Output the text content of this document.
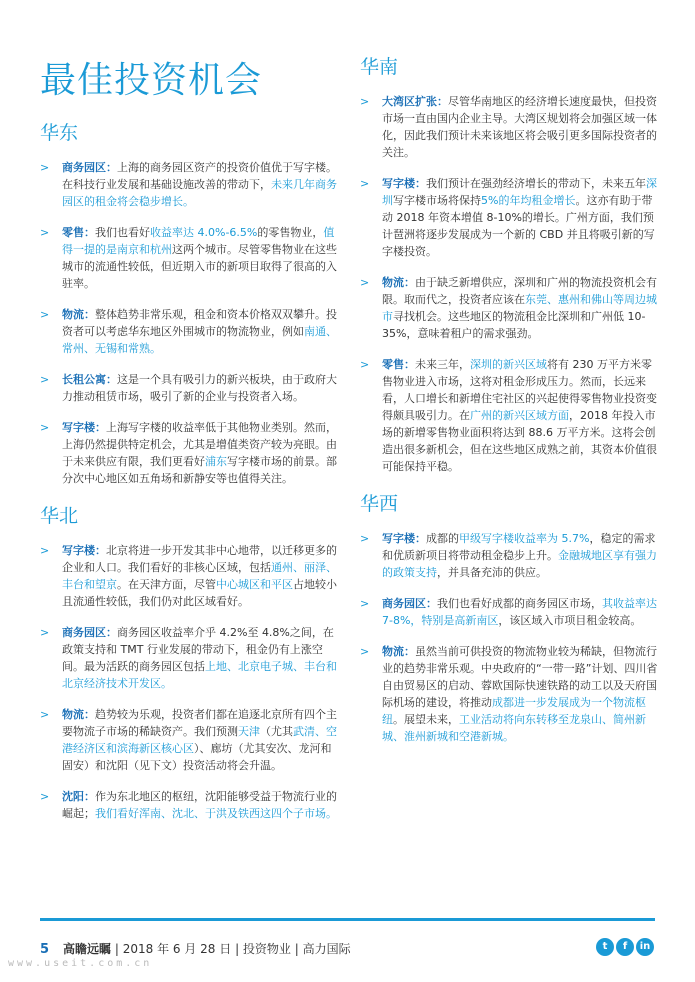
最佳投资机会
华东
> 商务园区：上海的商务园区资产的投资价值优于写字楼。在科技行业发展和基础设施改善的带动下，未来几年商务园区的租金将会稳步增长。
> 零售：我们也看好收益率达 4.0%-6.5%的零售物业，值得一提的是南京和杭州这两个城市。尽管零售物业在这些城市的流通性较低，但近期入市的新项目取得了很高的入驻率。
> 物流：整体趋势非常乐观，租金和资本价格双双攀升。投资者可以考虑华东地区外围城市的物流物业，例如南通、常州、无锡和常熟。
> 长租公寓：这是一个具有吸引力的新兴板块，由于政府大力推动租赁市场，吸引了新的企业与投资者入场。
> 写字楼：上海写字楼的收益率低于其他物业类别。然而，上海仍然提供特定机会，尤其是增值类资产较为亮眼。由于未来供应有限，我们更看好浦东写字楼市场的前景。部分次中心地区如五角场和新静安等也值得关注。
华北
> 写字楼：北京将进一步开发其非中心地带，以迁移更多的企业和人口。我们看好的非核心区域，包括通州、丽泽、丰台和望京。在天津方面，尽管中心城区和平区占地较小且流通性较低，我们仍对此区域看好。
> 商务园区：商务园区收益率介乎 4.2%至 4.8%之间，在政策支持和 TMT 行业发展的带动下，租金仍有上涨空间。最为活跃的商务园区包括上地、北京电子城、丰台和北京经济技术开发区。
> 物流：趋势较为乐观，投资者们都在追逐北京所有四个主要物流子市场的稀缺资产。我们预测天津（尤其武清、空港经济区和滨海新区核心区）、廊坊（尤其安次、龙河和固安）和沈阳（见下文）投资活动将会升温。
> 沈阳：作为东北地区的枢纽，沈阳能够受益于物流行业的崛起；我们看好浑南、沈北、于洪及铁西这四个子市场。
华南
> 大湾区扩张：尽管华南地区的经济增长速度最快，但投资市场一直由国内企业主导。大湾区规划将会加强区域一体化，因此我们预计未来该地区将会吸引更多国际投资者的关注。
> 写字楼：我们预计在强劲经济增长的带动下，未来五年深圳写字楼市场将保持5%的年均租金增长。这亦有助于带动 2018 年资本增值 8-10%的增长。广州方面，我们预计琶洲将逐步发展成为一个新的 CBD 并且将吸引新的写字楼投资。
> 物流：由于缺乏新增供应，深圳和广州的物流投资机会有限。取而代之，投资者应该在东莞、惠州和佛山等周边城市寻找机会。这些地区的物流租金比深圳和广州低 10-35%，意味着租户的需求强劲。
> 零售：未来三年，深圳的新兴区域将有 230 万平方米零售物业进入市场，这将对租金形成压力。然而，长远来看，人口增长和新增住宅社区的兴起使得零售物业投资变得颇具吸引力。在广州的新兴区域方面，2018 年投入市场的新增零售物业面积将达到 88.6 万平方米。这将会创造出很多新机会，但在这些地区成熟之前，其资本价值很可能保持平稳。
华西
> 写字楼：成都的甲级写字楼收益率为 5.7%，稳定的需求和优质新项目将带动租金稳步上升。金融城地区享有强力的政策支持，并具备充沛的供应。
> 商务园区：我们也看好成都的商务园区市场，其收益率达 7-8%，特别是高新南区，该区域入市项目租金较高。
> 物流：虽然当前可供投资的物流物业较为稀缺，但物流行业的趋势非常乐观。中央政府的“一带一路”计划、四川省自由贸易区的启动、蓉欧国际快速铁路的动工以及天府国际机场的建设，将推动成都进一步发展成为一个物流枢纽。展望未来，工业活动将向东转移至龙泉山、简州新城、淮州新城和空港新城。
5 高瞻远瞩 | 2018 年 6 月 28 日 | 投资物业 | 高力国际
www.useit.com.cn
t	f	in
